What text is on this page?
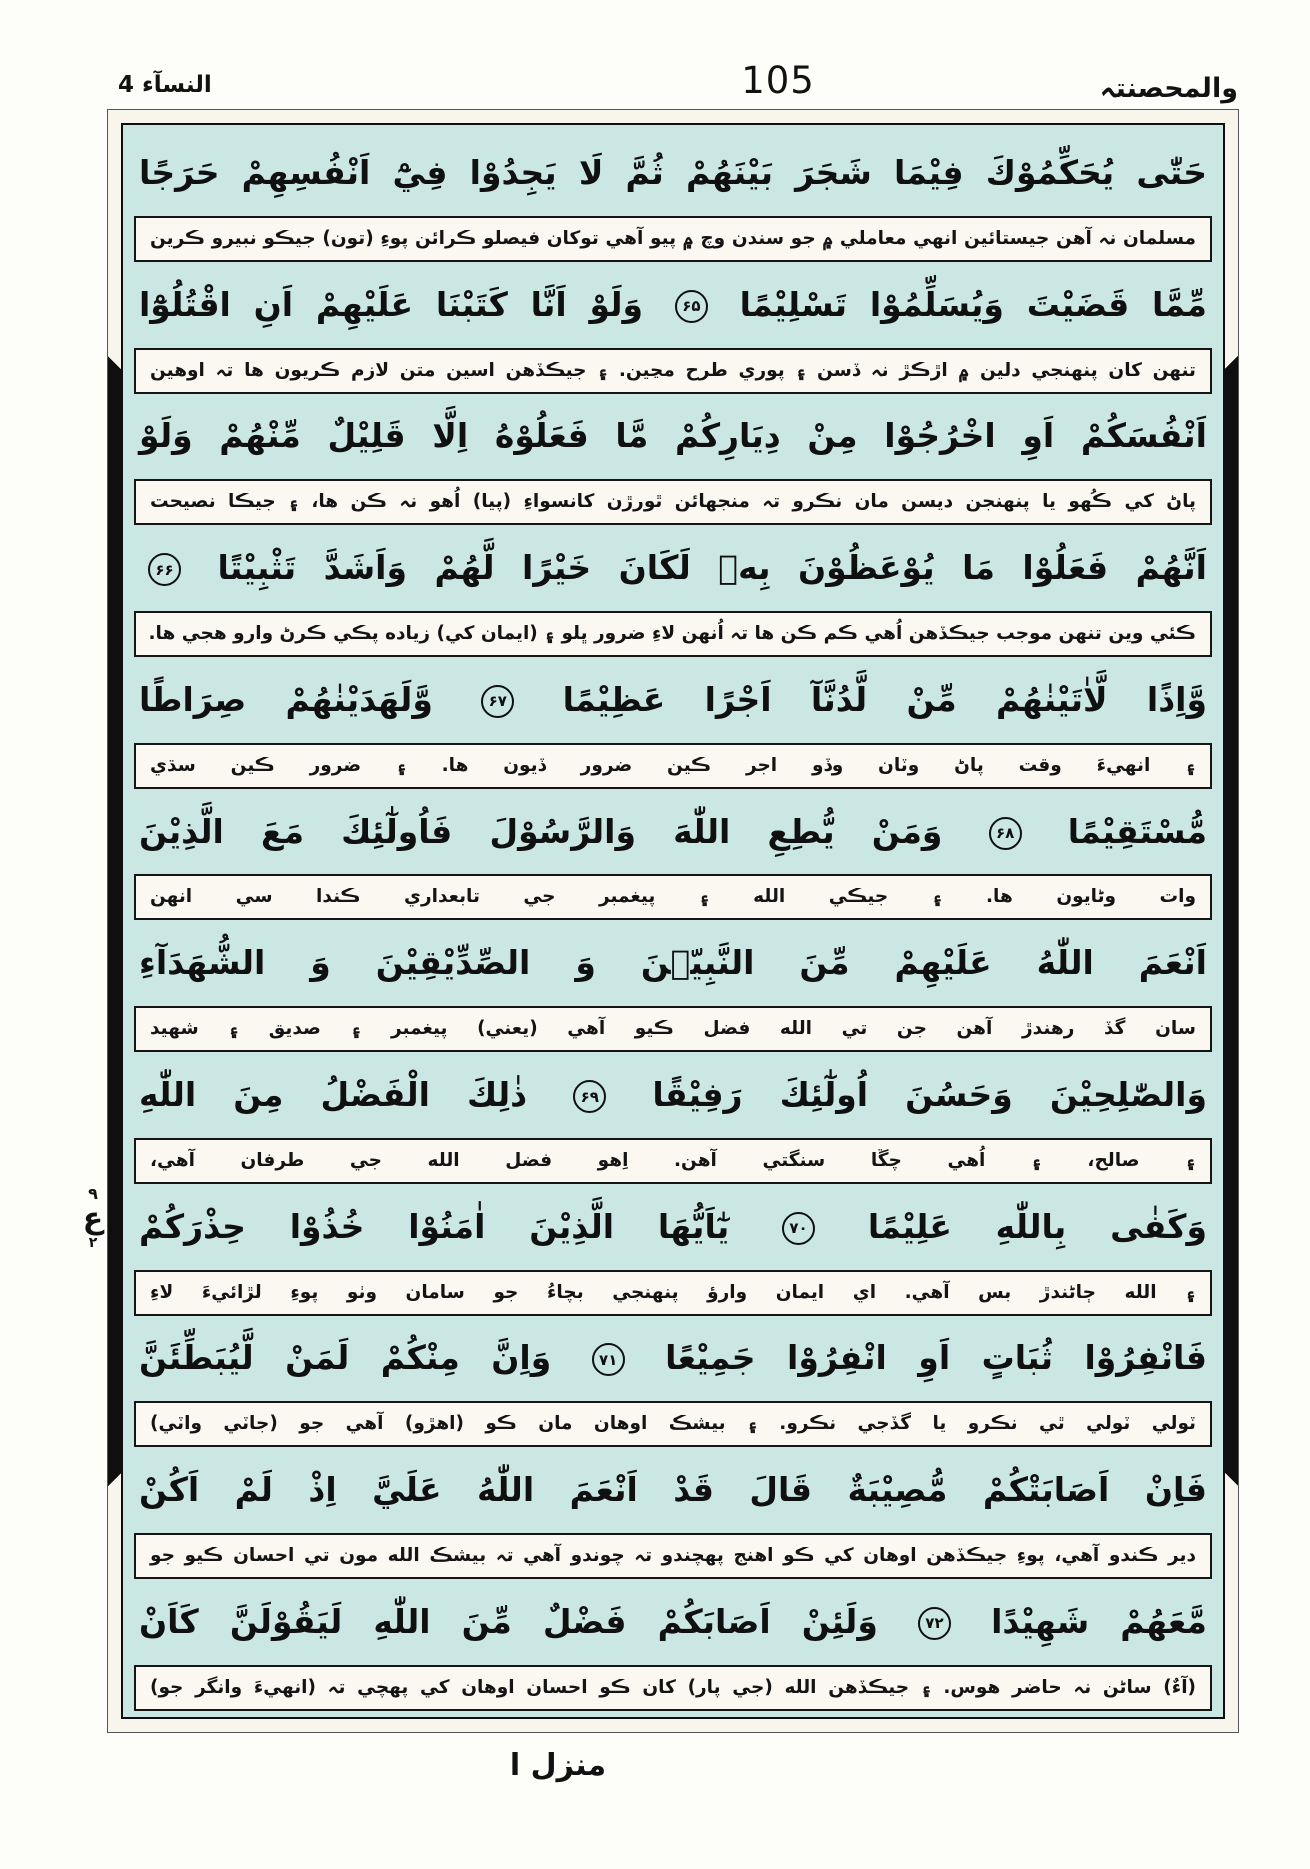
النسآء 4	105	والمحصنتہ
حَتّٰى يُحَكِّمُوْكَ فِيْمَا شَجَرَ بَيْنَهُمْ ثُمَّ لَا يَجِدُوْا فِيْٓ اَنْفُسِهِمْ حَرَجًا
مسلمان نہ آھن جيستائين انھي معاملي ۾ جو سندن وچ ۾ پيو آھي توکان فيصلو ڪرائن پوءِ (تون) جيڪو نبيرو ڪرين
مِّمَّا قَضَيْتَ وَيُسَلِّمُوْا تَسْلِيْمًا ۶۵ وَلَوْ اَنَّا كَتَبْنَا عَلَيْهِمْ اَنِ اقْتُلُوْٓا
تنھن کان پنھنجي دلين ۾ اڙڪڙ نہ ڏسن ۽ پوري طرح مڃين. ۽ جيڪڏھن اسين متن لازم ڪريون ھا تہ اوھين
اَنْفُسَكُمْ اَوِ اخْرُجُوْا مِنْ دِيَارِكُمْ مَّا فَعَلُوْهُ اِلَّا قَلِيْلٌ مِّنْهُمْ وَلَوْ
پاڻ کي ڪُھو يا پنھنجن ديسن مان نڪرو تہ منجھائن ٿورڙن کانسواءِ (پيا) اُھو نہ ڪن ھا، ۽ جيڪا نصيحت
اَنَّهُمْ فَعَلُوْا مَا يُوْعَظُوْنَ بِهٖ لَكَانَ خَيْرًا لَّهُمْ وَاَشَدَّ تَثْبِيْتًا ۶۶
ڪئي وين تنھن موجب جيڪڏھن اُھي ڪم ڪن ھا تہ اُنھن لاءِ ضرور ڀلو ۽ (ايمان کي) زياده پڪي ڪرڻ وارو هجي ھا.
وَّاِذًا لَّاٰتَيْنٰهُمْ مِّنْ لَّدُنَّآ اَجْرًا عَظِيْمًا ۶۷ وَّلَهَدَيْنٰهُمْ صِرَاطًا
۽ انھيءَ وقت پاڻ وٽان وڏو اجر ڪين ضرور ڏيون ھا. ۽ ضرور ڪين سڌي
مُّسْتَقِيْمًا ۶۸ وَمَنْ يُّطِعِ اللّٰهَ وَالرَّسُوْلَ فَاُولٰٓئِكَ مَعَ الَّذِيْنَ
وات وڻايون ھا. ۽ جيڪي الله ۽ پيغمبر جي تابعداري ڪندا سي انھن
اَنْعَمَ اللّٰهُ عَلَيْهِمْ مِّنَ النَّبِيّٖنَ وَ الصِّدِّيْقِيْنَ وَ الشُّهَدَآءِ
سان گڏ رھندڙ آھن جن تي الله فضل ڪيو آھي (يعني) پيغمبر ۽ صديق ۽ شھيد
وَالصّٰلِحِيْنَ وَحَسُنَ اُولٰٓئِكَ رَفِيْقًا ۶۹ ذٰلِكَ الْفَضْلُ مِنَ اللّٰهِ
۽ صالح، ۽ اُھي چڱا سنگتي آھن. اِھو فضل الله جي طرفان آھي،
وَكَفٰى بِاللّٰهِ عَلِيْمًا ۷۰ يٰٓاَيُّهَا الَّذِيْنَ اٰمَنُوْا خُذُوْا حِذْرَكُمْ
۽ الله ڄاڻندڙ بس آھي. اي ايمان وارؤ پنھنجي بچاءُ جو سامان وٺو پوءِ لڙائيءَ لاءِ
فَانْفِرُوْا ثُبَاتٍ اَوِ انْفِرُوْا جَمِيْعًا ۷۱ وَاِنَّ مِنْكُمْ لَمَنْ لَّيُبَطِّئَنَّ
ٽولي ٽولي ٿي نڪرو يا گڏجي نڪرو. ۽ بيشڪ اوھان مان ڪو (اھڙو) آھي جو (جاٽي واٽي)
فَاِنْ اَصَابَتْكُمْ مُّصِيْبَةٌ قَالَ قَدْ اَنْعَمَ اللّٰهُ عَلَيَّ اِذْ لَمْ اَكُنْ
دير ڪندو آھي، پوءِ جيڪڏھن اوھان کي ڪو اھنج پھچندو تہ چوندو آھي تہ بيشڪ الله مون تي احسان ڪيو جو
مَّعَهُمْ شَهِيْدًا ۷۲ وَلَئِنْ اَصَابَكُمْ فَضْلٌ مِّنَ اللّٰهِ لَيَقُوْلَنَّ كَاَنْ
(آءٌ) ساڻن نہ حاضر ھوس. ۽ جيڪڏھن الله (جي پار) کان ڪو احسان اوھان کي پھچي تہ (انھيءَ وانگر جو)
۹
ع
۲
منزل ا
